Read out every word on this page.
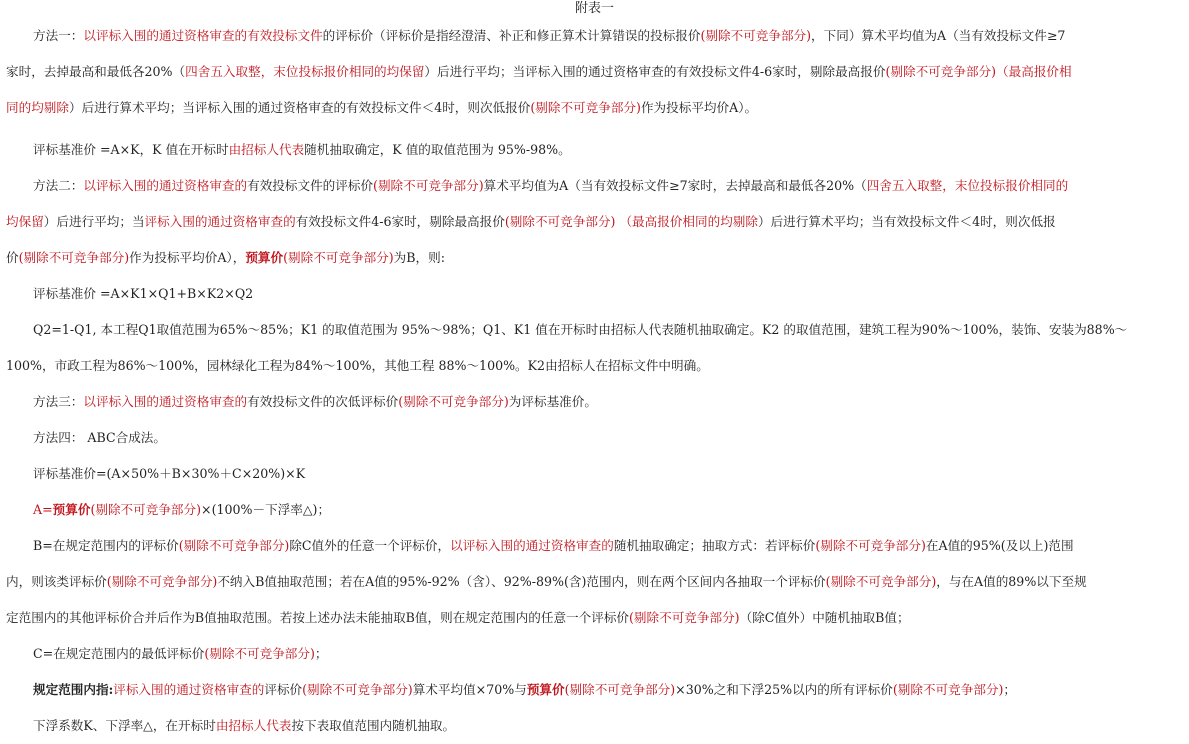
附表一
方法一：以评标入围的通过资格审查的有效投标文件的评标价（评标价是指经澄清、补正和修正算术计算错误的投标报价(剔除不可竞争部分)，下同）算术平均值为A（当有效投标文件≥7
家时，去掉最高和最低各20%（四舍五入取整，末位投标报价相同的均保留）后进行平均；当评标入围的通过资格审查的有效投标文件4-6家时，剔除最高报价(剔除不可竞争部分)（最高报价相
同的均剔除）后进行算术平均；当评标入围的通过资格审查的有效投标文件＜4时，则次低报价(剔除不可竞争部分)作为投标平均价A）。
评标基准价 =A×K，K 值在开标时由招标人代表随机抽取确定，K 值的取值范围为 95%-98%。
方法二：以评标入围的通过资格审查的有效投标文件的评标价(剔除不可竞争部分)算术平均值为A（当有效投标文件≥7家时，去掉最高和最低各20%（四舍五入取整，末位投标报价相同的
均保留）后进行平均；当评标入围的通过资格审查的有效投标文件4-6家时，剔除最高报价(剔除不可竞争部分) （最高报价相同的均剔除）后进行算术平均；当有效投标文件＜4时，则次低报
价(剔除不可竞争部分)作为投标平均价A），预算价(剔除不可竞争部分)为B，则:
评标基准价 =A×K1×Q1+B×K2×Q2
Q2=1-Q1, 本工程Q1取值范围为65%～85%；K1 的取值范围为 95%～98%；Q1、K1 值在开标时由招标人代表随机抽取确定。K2 的取值范围，建筑工程为90%～100%，装饰、安装为88%～
100%，市政工程为86%～100%，园林绿化工程为84%～100%，其他工程 88%～100%。K2由招标人在招标文件中明确。
方法三：以评标入围的通过资格审查的有效投标文件的次低评标价(剔除不可竞争部分)为评标基准价。
方法四： ABC合成法。
评标基准价=(A×50%＋B×30%＋C×20%)×K
A=预算价(剔除不可竞争部分)×(100%－下浮率△)；
B=在规定范围内的评标价(剔除不可竞争部分)除C值外的任意一个评标价，以评标入围的通过资格审查的随机抽取确定；抽取方式：若评标价(剔除不可竞争部分)在A值的95%(及以上)范围
内，则该类评标价(剔除不可竞争部分)不纳入B值抽取范围；若在A值的95%-92%（含）、92%-89%(含)范围内，则在两个区间内各抽取一个评标价(剔除不可竞争部分)，与在A值的89%以下至规
定范围内的其他评标价合并后作为B值抽取范围。若按上述办法未能抽取B值，则在规定范围内的任意一个评标价(剔除不可竞争部分)（除C值外）中随机抽取B值；
C=在规定范围内的最低评标价(剔除不可竞争部分)；
规定范围内指:评标入围的通过资格审查的评标价(剔除不可竞争部分)算术平均值×70%与预算价(剔除不可竞争部分)×30%之和下浮25%以内的所有评标价(剔除不可竞争部分)；
下浮系数K、下浮率△，在开标时由招标人代表按下表取值范围内随机抽取。
